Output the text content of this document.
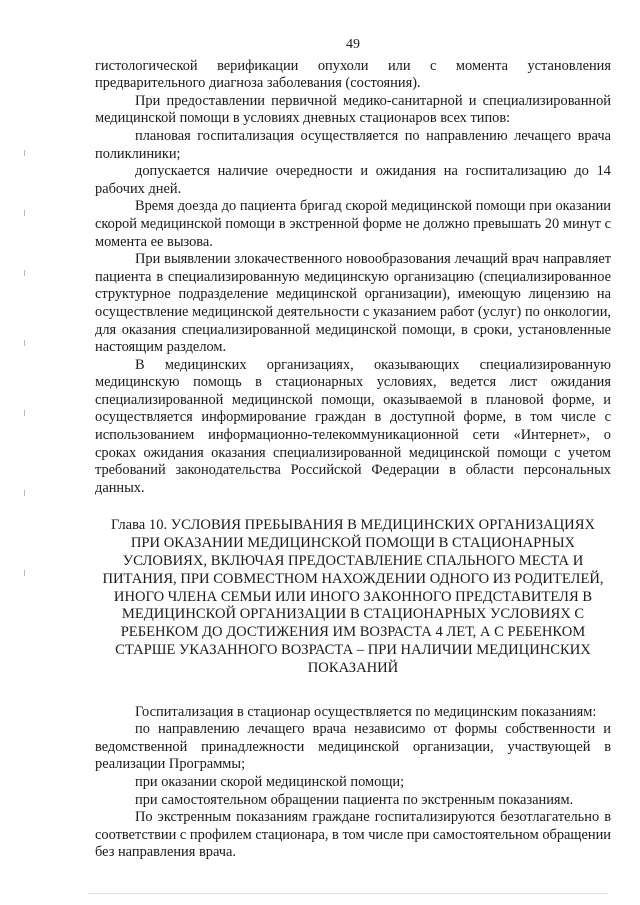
49

гистологической верификации опухоли или с момента установления предварительного диагноза заболевания (состояния).

При предоставлении первичной медико-санитарной и специализированной медицинской помощи в условиях дневных стационаров всех типов:

плановая госпитализация осуществляется по направлению лечащего врача поликлиники;

допускается наличие очередности и ожидания на госпитализацию до 14 рабочих дней.

Время доезда до пациента бригад скорой медицинской помощи при оказании скорой медицинской помощи в экстренной форме не должно превышать 20 минут с момента ее вызова.

При выявлении злокачественного новообразования лечащий врач направляет пациента в специализированную медицинскую организацию (специализированное структурное подразделение медицинской организации), имеющую лицензию на осуществление медицинской деятельности с указанием работ (услуг) по онкологии, для оказания специализированной медицинской помощи, в сроки, установленные настоящим разделом.

В медицинских организациях, оказывающих специализированную медицинскую помощь в стационарных условиях, ведется лист ожидания специализированной медицинской помощи, оказываемой в плановой форме, и осуществляется информирование граждан в доступной форме, в том числе с использованием информационно-телекоммуникационной сети «Интернет», о сроках ожидания оказания специализированной медицинской помощи с учетом требований законодательства Российской Федерации в области персональных данных.

Глава 10. УСЛОВИЯ ПРЕБЫВАНИЯ В МЕДИЦИНСКИХ ОРГАНИЗАЦИЯХ ПРИ ОКАЗАНИИ МЕДИЦИНСКОЙ ПОМОЩИ В СТАЦИОНАРНЫХ УСЛОВИЯХ, ВКЛЮЧАЯ ПРЕДОСТАВЛЕНИЕ СПАЛЬНОГО МЕСТА И ПИТАНИЯ, ПРИ СОВМЕСТНОМ НАХОЖДЕНИИ ОДНОГО ИЗ РОДИТЕЛЕЙ, ИНОГО ЧЛЕНА СЕМЬИ ИЛИ ИНОГО ЗАКОННОГО ПРЕДСТАВИТЕЛЯ В МЕДИЦИНСКОЙ ОРГАНИЗАЦИИ В СТАЦИОНАРНЫХ УСЛОВИЯХ С РЕБЕНКОМ ДО ДОСТИЖЕНИЯ ИМ ВОЗРАСТА 4 ЛЕТ, А С РЕБЕНКОМ СТАРШЕ УКАЗАННОГО ВОЗРАСТА – ПРИ НАЛИЧИИ МЕДИЦИНСКИХ ПОКАЗАНИЙ

Госпитализация в стационар осуществляется по медицинским показаниям:

по направлению лечащего врача независимо от формы собственности и ведомственной принадлежности медицинской организации, участвующей в реализации Программы;

при оказании скорой медицинской помощи;

при самостоятельном обращении пациента по экстренным показаниям.

По экстренным показаниям граждане госпитализируются безотлагательно в соответствии с профилем стационара, в том числе при самостоятельном обращении без направления врача.
